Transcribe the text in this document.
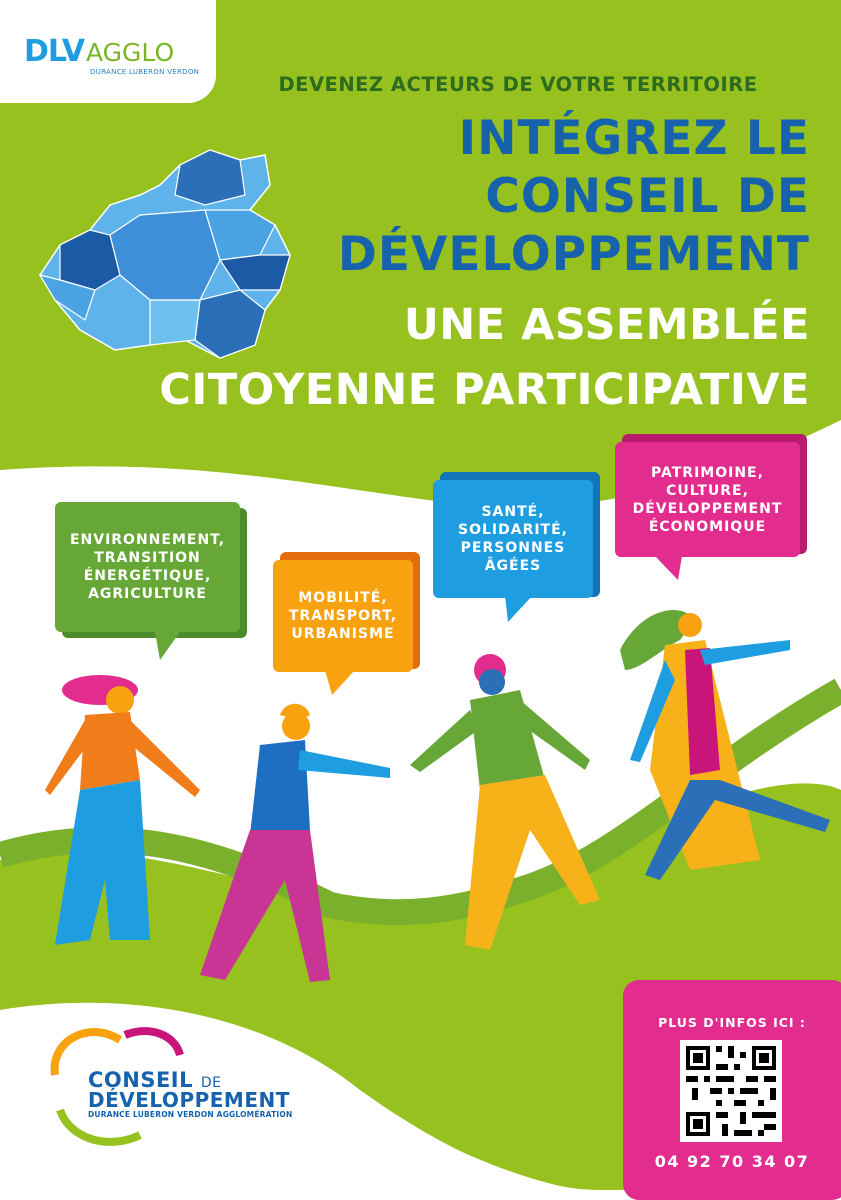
DLV AGGLO
DURANCE LUBERON VERDON
DEVENEZ ACTEURS DE VOTRE TERRITOIRE
INTÉGREZ LE
CONSEIL DE
DÉVELOPPEMENT
UNE ASSEMBLÉE
CITOYENNE PARTICIPATIVE
ENVIRONNEMENT,
TRANSITION
ÉNERGÉTIQUE,
AGRICULTURE	MOBILITÉ,
TRANSPORT,
URBANISME
SANTÉ,
SOLIDARITÉ,
PERSONNES
ÂGÉES
PATRIMOINE,
CULTURE,
DÉVELOPPEMENT
ÉCONOMIQUE
CONSEIL DE
DÉVELOPPEMENT
DURANCE LUBERON VERDON AGGLOMÉRATION
PLUS D'INFOS ICI :
04 92 70 34 07
